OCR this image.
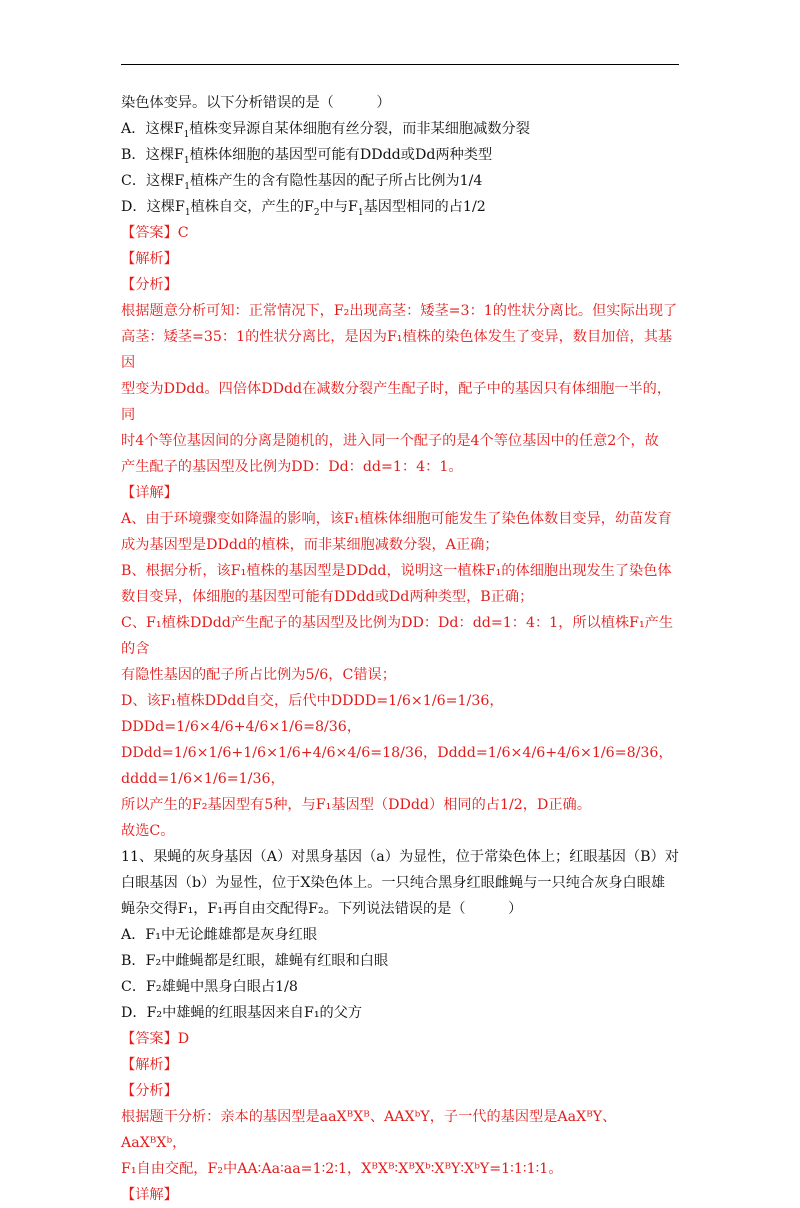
染色体变异。以下分析错误的是（　　　）

A．这棵$F_1$植株变异源自某体细胞有丝分裂，而非某细胞减数分裂

B．这棵$F_1$植株体细胞的基因型可能有DDdd或Dd两种类型

C．这棵$F_1$植株产生的含有隐性基因的配子所占比例为1/4

D．这棵$F_1$植株自交，产生的$F_2$中与$F_1$基因型相同的占1/2

【答案】C

【解析】

【分析】

根据题意分析可知：正常情况下，F₂出现高茎：矮茎=3：1的性状分离比。但实际出现了

高茎：矮茎=35：1的性状分离比，是因为F₁植株的染色体发生了变异，数目加倍，其基因

型变为DDdd。四倍体DDdd在减数分裂产生配子时，配子中的基因只有体细胞一半的，同

时4个等位基因间的分离是随机的，进入同一个配子的是4个等位基因中的任意2个，故

产生配子的基因型及比例为DD：Dd：dd=1：4：1。

【详解】

A、由于环境骤变如降温的影响，该F₁植株体细胞可能发生了染色体数目变异，幼苗发育

成为基因型是DDdd的植株，而非某细胞减数分裂，A正确；

B、根据分析，该F₁植株的基因型是DDdd，说明这一植株F₁的体细胞出现发生了染色体

数目变异，体细胞的基因型可能有DDdd或Dd两种类型，B正确；

C、F₁植株DDdd产生配子的基因型及比例为DD：Dd：dd=1：4：1，所以植株F₁产生的含

有隐性基因的配子所占比例为5/6，C错误；

D、该F₁植株DDdd自交，后代中DDDD=1/6×1/6=1/36，DDDd=1/6×4/6+4/6×1/6=8/36，

DDdd=1/6×1/6+1/6×1/6+4/6×4/6=18/36，Dddd=1/6×4/6+4/6×1/6=8/36，dddd=1/6×1/6=1/36，

所以产生的F₂基因型有5种，与F₁基因型（DDdd）相同的占1/2，D正确。

故选C。

11、果蝇的灰身基因（A）对黑身基因（a）为显性，位于常染色体上；红眼基因（B）对

白眼基因（b）为显性，位于X染色体上。一只纯合黑身红眼雌蝇与一只纯合灰身白眼雄

蝇杂交得F₁，F₁再自由交配得F₂。下列说法错误的是（　　　）

A．F₁中无论雌雄都是灰身红眼

B．F₂中雌蝇都是红眼，雄蝇有红眼和白眼

C．F₂雄蝇中黑身白眼占1/8

D．F₂中雄蝇的红眼基因来自F₁的父方

【答案】D

【解析】

【分析】

根据题干分析：亲本的基因型是aaXᴮXᴮ、AAXᵇY，子一代的基因型是AaXᴮY、AaXᴮXᵇ，

F₁自由交配，F₂中AA∶Aa∶aa=1∶2∶1，XᴮXᴮ∶XᴮXᵇ∶XᴮY∶XᵇY=1∶1∶1∶1。

【详解】
